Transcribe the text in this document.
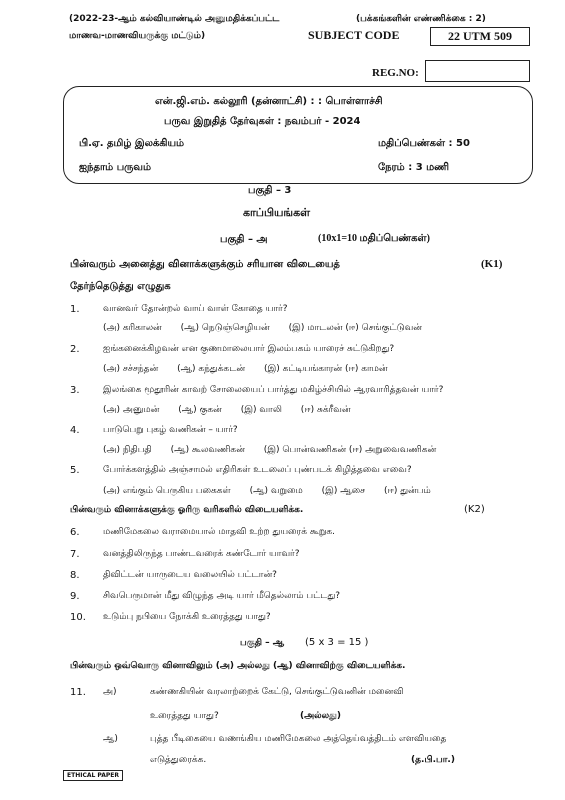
(2022-23-ஆம் கல்வியாண்டில் அனுமதிக்கப்பட்ட	(பக்கங்களின் எண்ணிக்கை : 2)
மாணவ-மாணவியருக்கு மட்டும்)	SUBJECT CODE	22 UTM 509
REG.NO:
என்.ஜி.எம். கல்லூரி (தன்னாட்சி) : : பொள்ளாச்சி
பருவ இறுதித் தேர்வுகள் : நவம்பர் - 2024
பி.ஏ. தமிழ் இலக்கியம்	மதிப்பெண்கள் : 50
ஐந்தாம் பருவம்	நேரம் : 3 மணி
பகுதி – 3
காப்பியங்கள்
பகுதி – அ	(10x1=10 மதிப்பெண்கள்)
பின்வரும் அனைத்து வினாக்களுக்கும் சரியான விடையைத்	(K1)
தேர்ந்தெடுத்து எழுதுக
1.	வானவர் தோன்றல் வாய் வாள் கோதை யார்?
(அ) கரிகாலன் (ஆ) நெடுஞ்செழியன் (இ) மாடலன் (ஈ) செங்குட்டுவன்
2.	ஐங்கனைக்கிழவன் என குணமாலையார் இலம்பகம் யாரைச் சுட்டுகிறது?
(அ) சச்சந்தன் (ஆ) கந்துக்கடன் (இ) கட்டியங்காரன் (ஈ) காமன்
3.	இலங்கை மூதூரின் காவற் சோலையைப் பார்த்து மகிழ்ச்சியில் ஆரவாரித்தவன் யார்?
(அ) அனுமன் (ஆ) குகன் (இ) வாலி (ஈ) சுக்ரீவன்
4.	பாடுபெறு புகழ் வணிகன் – யார்?
(அ) நிதிபதி (ஆ) கூலவணிகன் (இ) பொன்வணிகன் (ஈ) அறுவைவணிகன்
5.	போர்க்களத்தில் அஞ்சாமல் எதிரிகள் உடலைப் புண்படக் கிழித்தவை எவை?
(அ) எங்கும் பெருகிய பகைகள் (ஆ) வறுமை (இ) ஆசை (ஈ) துன்பம்
பின்வரும் வினாக்களுக்கு ஓரிரு வரிகளில் விடையளிக்க.	(K2)
6.	மணிமேகலை வராமையால் மாதவி உற்ற துயரைக் கூறுக.
7.	வனத்திலிருந்த பாண்டவரைக் கண்டோர் யாவர்?
8.	திவிட்டன் யாருடைய வலையில் பட்டான்?
9.	சிவபெருமான் மீது விழுந்த அடி யார் மீதெல்லாம் பட்டது?
10. உடும்பு நபியை நோக்கி உரைத்தது யாது?
பகுதி – ஆ (5 x 3 = 15 )
பின்வரும் ஒவ்வொரு வினாவிலும் (அ) அல்லது (ஆ) வினாவிற்கு விடையளிக்க.
11. அ)	கண்ணகியின் வரலாற்றைக் கேட்டு, செங்குட்டுவனின் மனைவி
உரைத்தது யாது?	(அல்லது)
ஆ)	புத்த பீடிகையை வணங்கிய மணிமேகலை அத்தெய்வத்திடம் எளவியதை
எடுத்துரைக்க.	(த.பி.பா.)
ETHICAL PAPER
